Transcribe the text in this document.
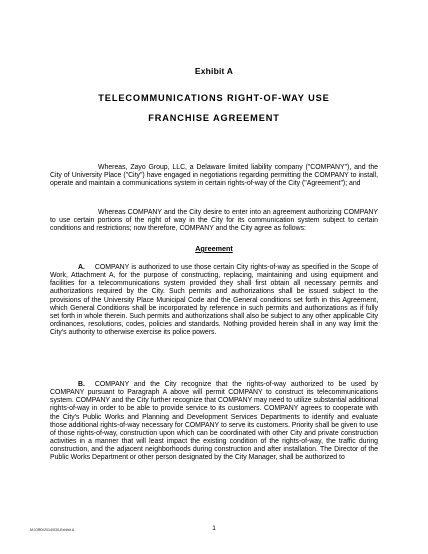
Exhibit A
TELECOMMUNICATIONS RIGHT-OF-WAY USE
FRANCHISE AGREEMENT

Whereas, Zayo Group, LLC, a Delaware limited liability company ("COMPANY"), and the City of University Place ("City") have engaged in negotiations regarding permitting the COMPANY to install, operate and maintain a communications system in certain rights-of-way of the City ("Agreement"); and

Whereas COMPANY and the City desire to enter into an agreement authorizing COMPANY to use certain portions of the right of way in the City for its communication system subject to certain conditions and restrictions; now therefore, COMPANY and the City agree as follows:

Agreement

A. COMPANY is authorized to use those certain City rights-of-way as specified in the Scope of Work, Attachment A, for the purpose of constructing, replacing, maintaining and using equipment and facilities for a telecommunications system provided they shall first obtain all necessary permits and authorizations required by the City. Such permits and authorizations shall be issued subject to the provisions of the University Place Municipal Code and the General conditions set forth in this Agreement, which General Conditions shall be incorporated by reference in such permits and authorizations as if fully set forth in whole therein. Such permits and authorizations shall also be subject to any other applicable City ordinances, resolutions, codes, policies and standards. Nothing provided herein shall in any way limit the City's authority to otherwise exercise its police powers.

B. COMPANY and the City recognize that the rights-of-way authorized to be used by COMPANY pursuant to Paragraph A above will permit COMPANY to construct its telecommunications system. COMPANY and the City further recognize that COMPANY may need to utilize substantial additional rights-of-way in order to be able to provide service to its customers. COMPANY agrees to cooperate with the City's Public Works and Planning and Development Services Departments to identify and evaluate those additional rights-of-way necessary for COMPANY to serve its customers. Priority shall be given to use of those rights-of-way, construction upon which can be coordinated with other City and private construction activities in a manner that will least impact the existing condition of the rights-of-way, the traffic during construction, and the adjacent neighborhoods during construction and after installation. The Director of the Public Works Department or other person designated by the City Manager, shall be authorized to

M:\ORD\2014\030-Exhibit A	1
